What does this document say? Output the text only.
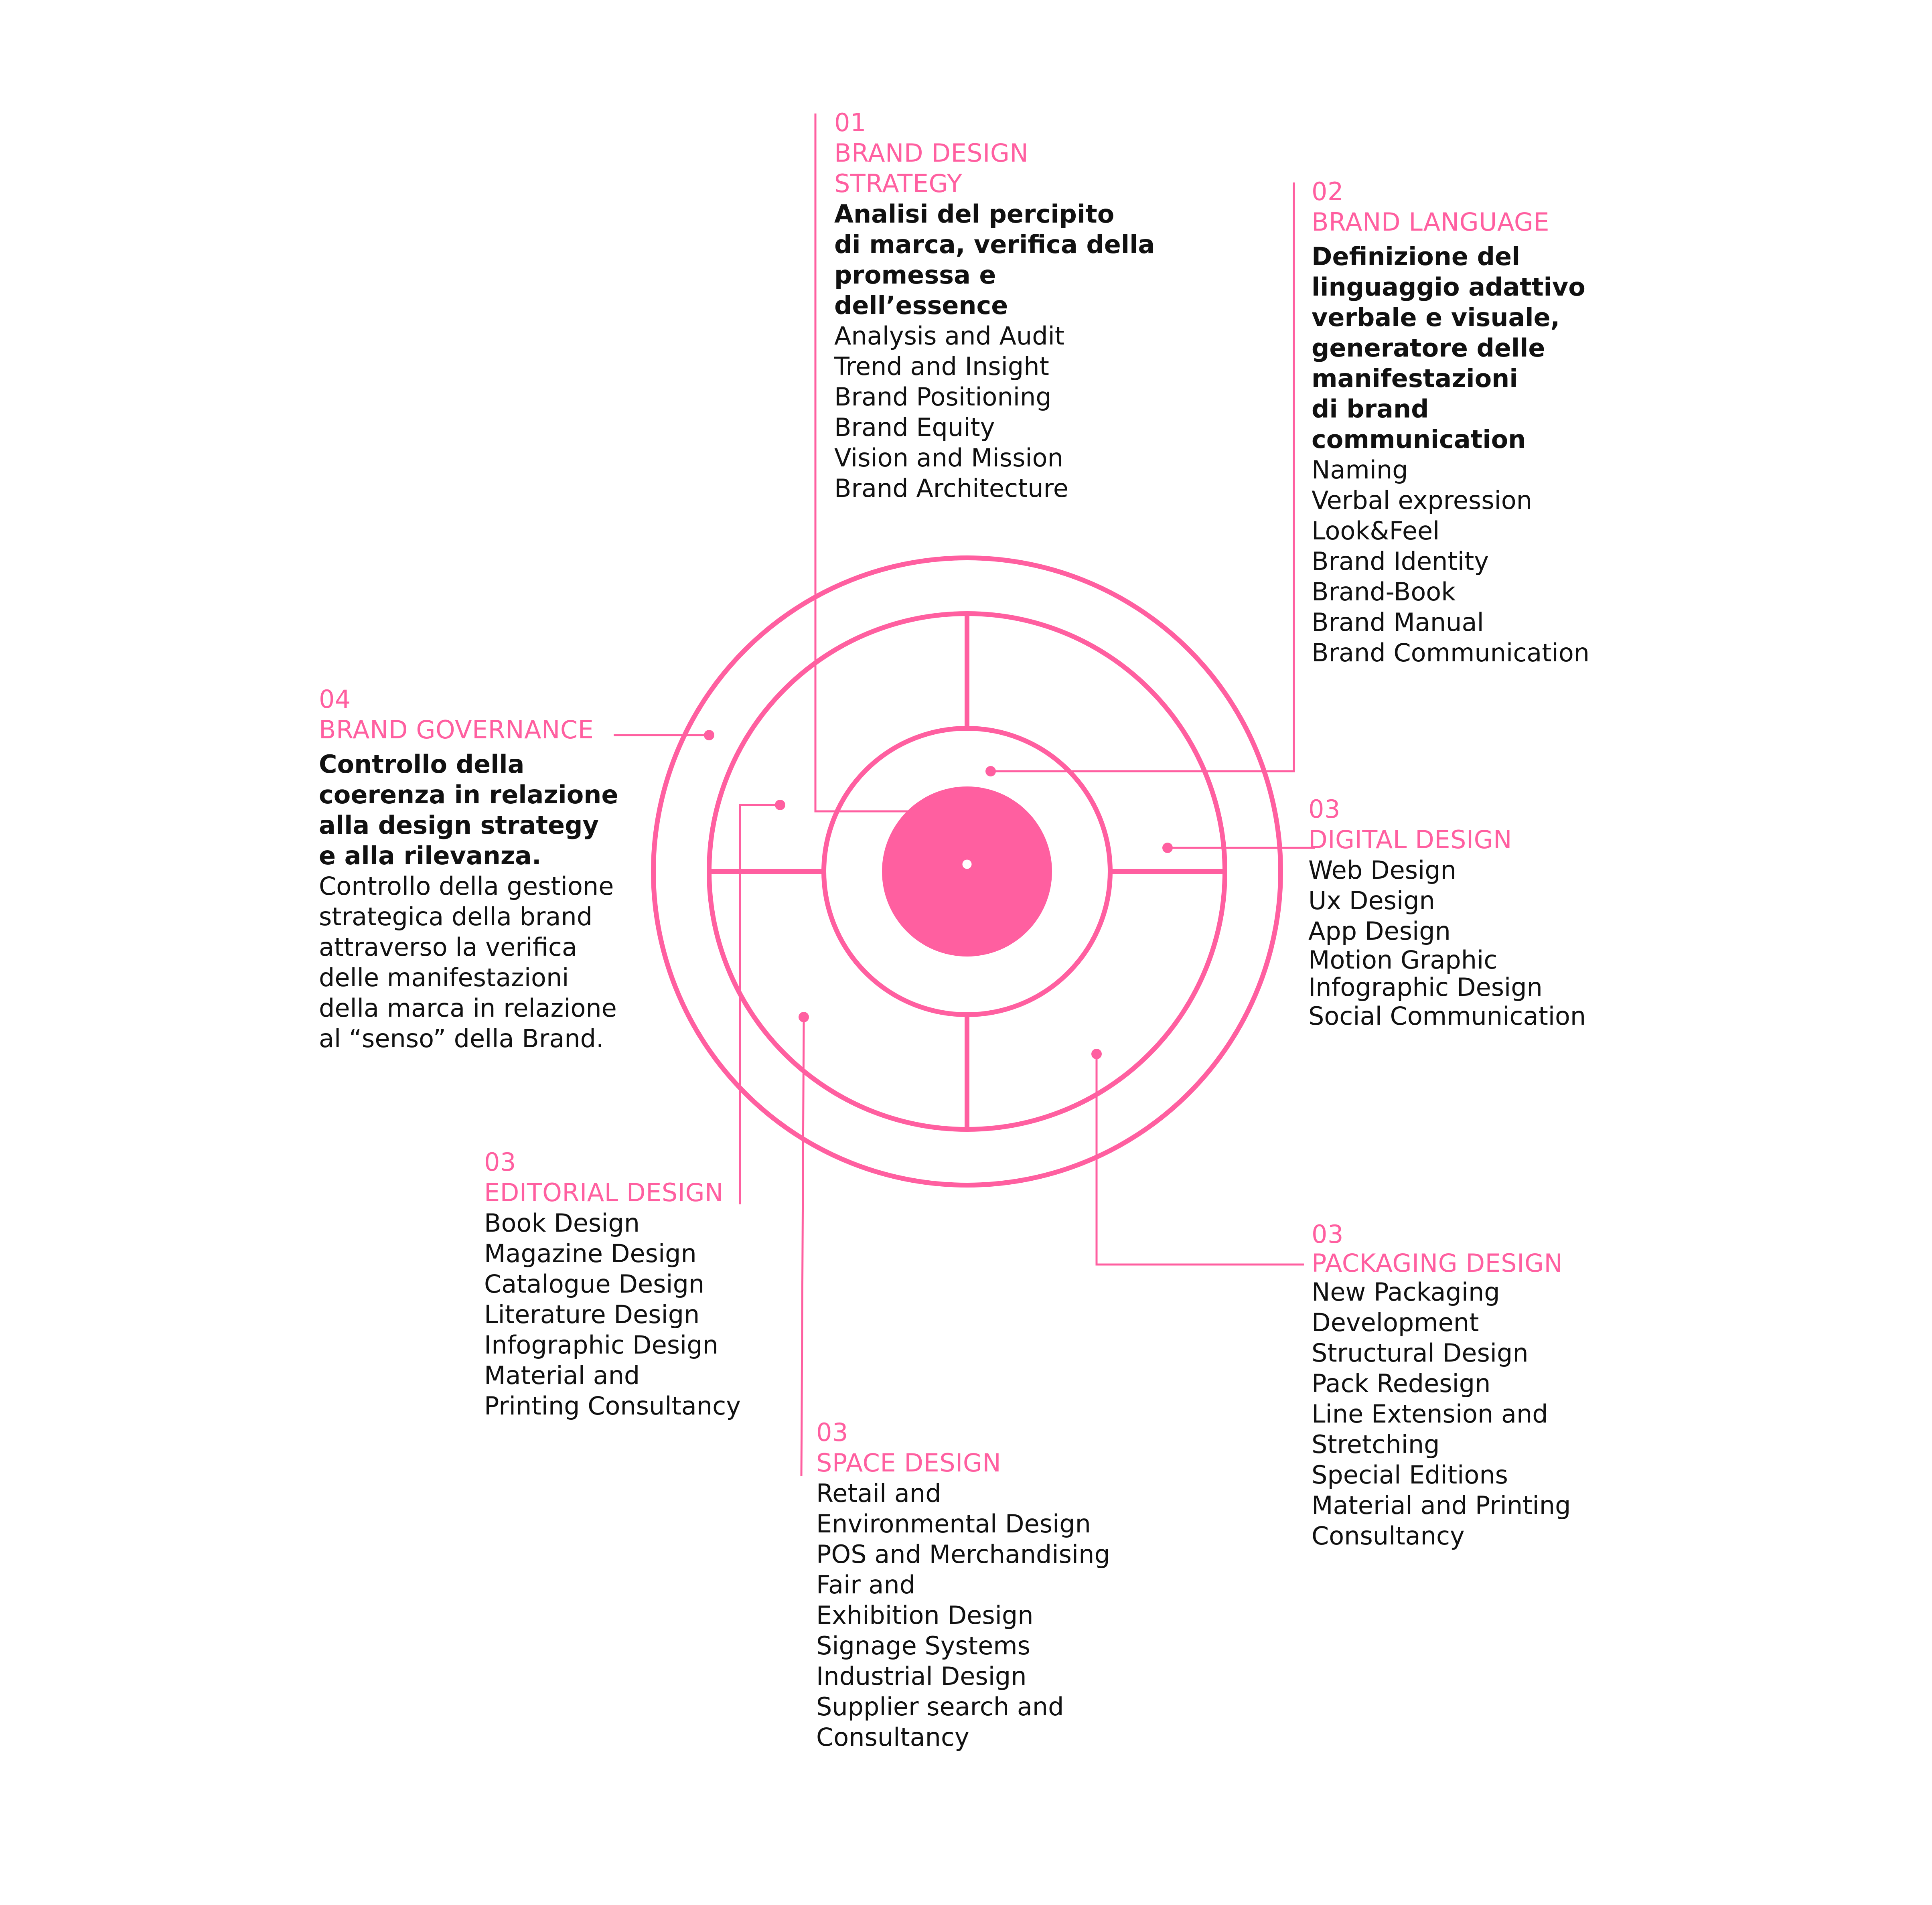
01
BRAND DESIGN
STRATEGY
Analisi del percipito
di marca, verifica della
promessa e
dell’essence
Analysis and Audit
Trend and Insight
Brand Positioning
Brand Equity
Vision and Mission
Brand Architecture
02
BRAND LANGUAGE
Definizione del
linguaggio adattivo
verbale e visuale,
generatore delle
manifestazioni
di brand
communication
Naming
Verbal expression
Look&Feel
Brand Identity
Brand-Book
Brand Manual
Brand Communication
04
BRAND GOVERNANCE
Controllo della
coerenza in relazione
alla design strategy
e alla rilevanza.
Controllo della gestione
strategica della brand
attraverso la verifica
delle manifestazioni
della marca in relazione
al “senso” della Brand.
03
DIGITAL DESIGN
Web Design
Ux Design
App Design
Motion Graphic
Infographic Design
Social Communication
03
EDITORIAL DESIGN
Book Design
Magazine Design
Catalogue Design
Literature Design
Infographic Design
Material and
Printing Consultancy
03
PACKAGING DESIGN
New Packaging
Development
Structural Design
Pack Redesign
Line Extension and
Stretching
Special Editions
Material and Printing
Consultancy
03
SPACE DESIGN
Retail and
Environmental Design
POS and Merchandising
Fair and
Exhibition Design
Signage Systems
Industrial Design
Supplier search and
Consultancy
